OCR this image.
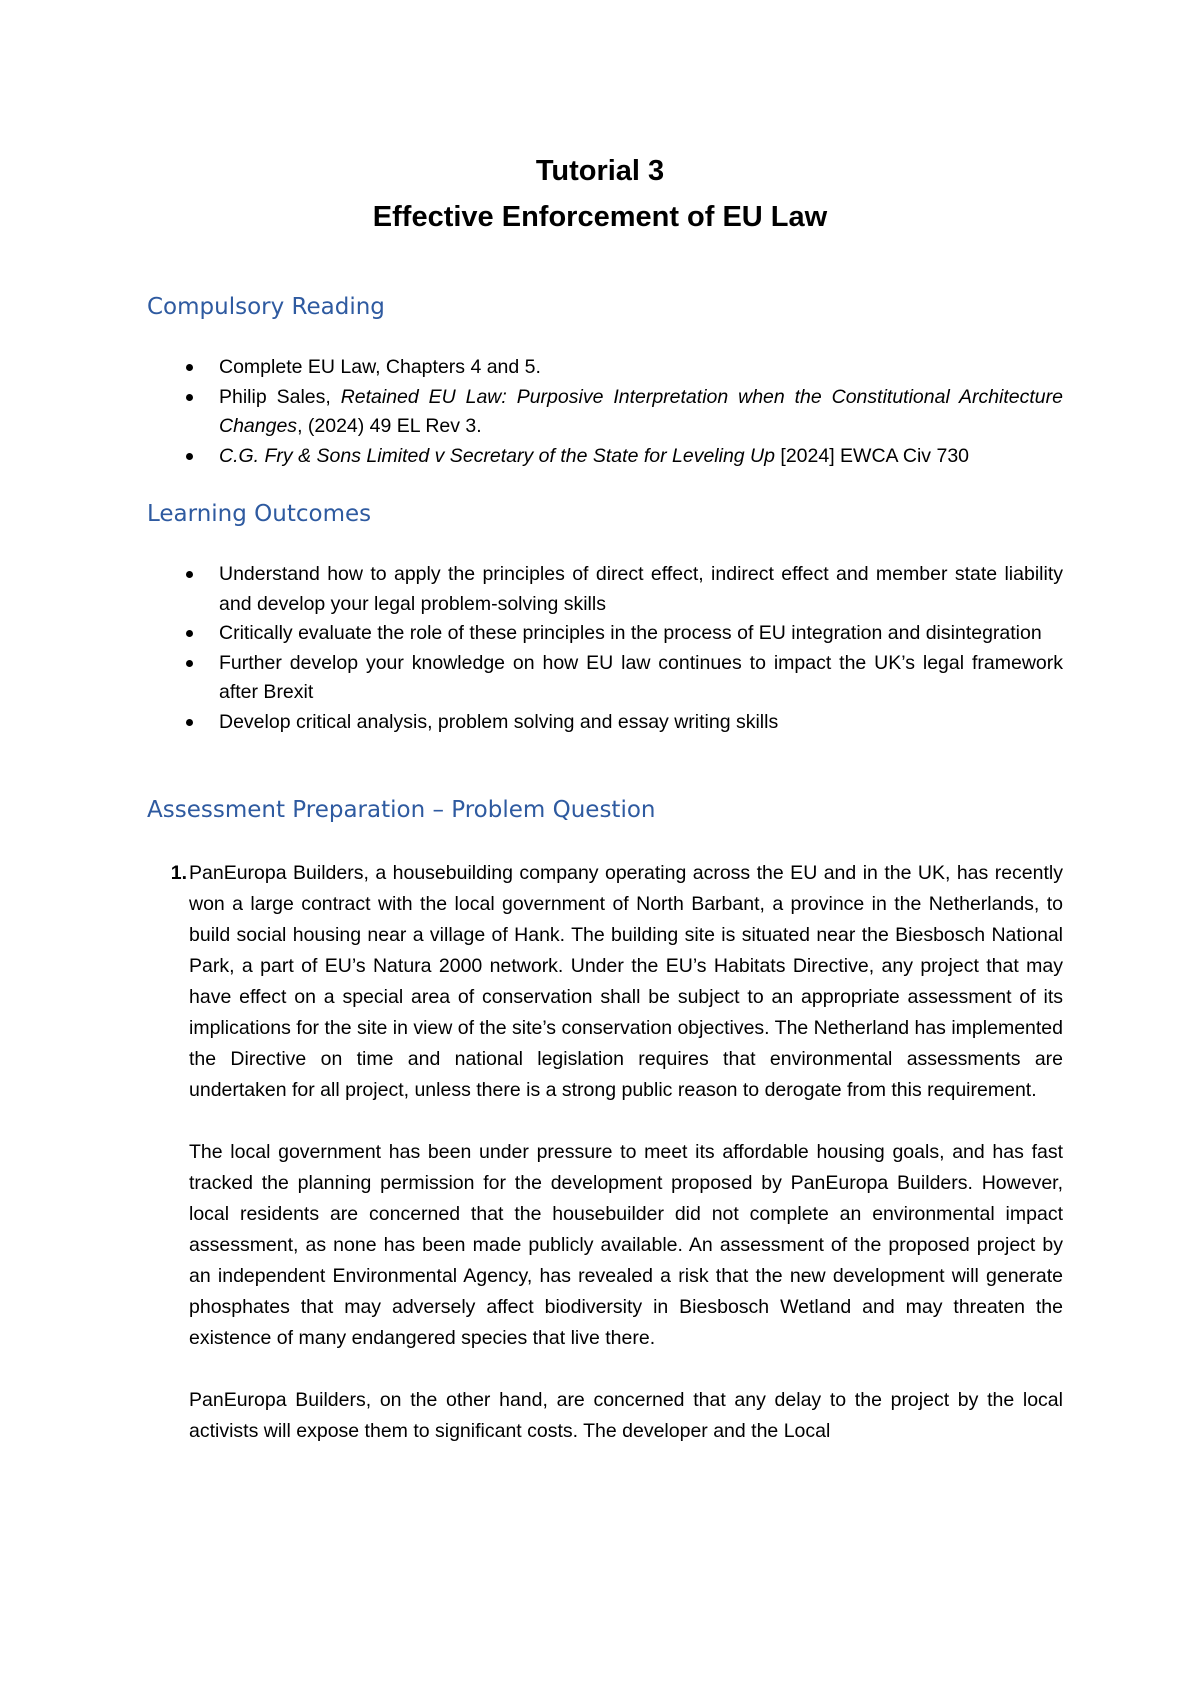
Tutorial 3

Effective Enforcement of EU Law

Compulsory Reading
Complete EU Law, Chapters 4 and 5.
Philip Sales, Retained EU Law: Purposive Interpretation when the Constitutional Architecture Changes, (2024) 49 EL Rev 3.
C.G. Fry & Sons Limited v Secretary of the State for Leveling Up [2024] EWCA Civ 730
Learning Outcomes
Understand how to apply the principles of direct effect, indirect effect and member state liability and develop your legal problem-solving skills
Critically evaluate the role of these principles in the process of EU integration and disintegration
Further develop your knowledge on how EU law continues to impact the UK’s legal framework after Brexit
Develop critical analysis, problem solving and essay writing skills
Assessment Preparation – Problem Question
1. PanEuropa Builders, a housebuilding company operating across the EU and in the UK, has recently won a large contract with the local government of North Barbant, a province in the Netherlands, to build social housing near a village of Hank. The building site is situated near the Biesbosch National Park, a part of EU’s Natura 2000 network. Under the EU’s Habitats Directive, any project that may have effect on a special area of conservation shall be subject to an appropriate assessment of its implications for the site in view of the site’s conservation objectives. The Netherland has implemented the Directive on time and national legislation requires that environmental assessments are undertaken for all project, unless there is a strong public reason to derogate from this requirement.

The local government has been under pressure to meet its affordable housing goals, and has fast tracked the planning permission for the development proposed by PanEuropa Builders. However, local residents are concerned that the housebuilder did not complete an environmental impact assessment, as none has been made publicly available. An assessment of the proposed project by an independent Environmental Agency, has revealed a risk that the new development will generate phosphates that may adversely affect biodiversity in Biesbosch Wetland and may threaten the existence of many endangered species that live there.

PanEuropa Builders, on the other hand, are concerned that any delay to the project by the local activists will expose them to significant costs. The developer and the Local
